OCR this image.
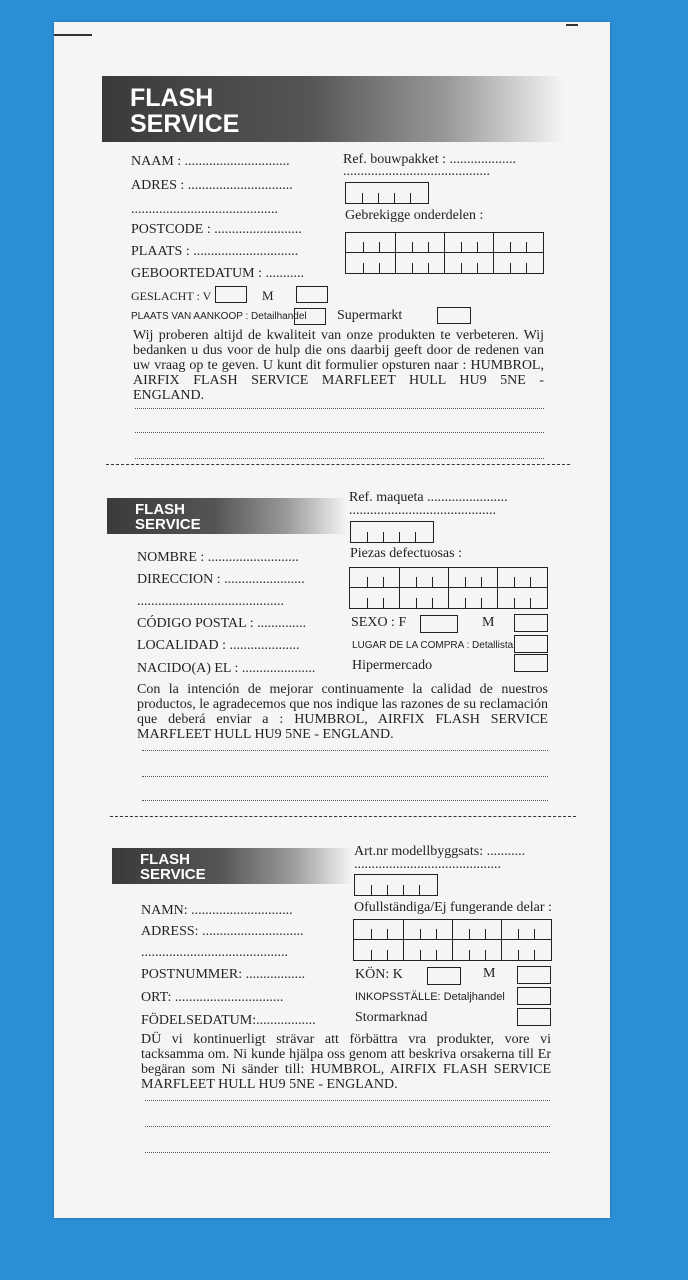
FLASH
SERVICE
NAAM : ..............................
ADRES : ..............................
..........................................
POSTCODE : .........................
PLAATS : ..............................
GEBOORTEDATUM : ...........
GESLACHT : V	M
PLAATS VAN AANKOOP : Detailhandel Supermarkt
Ref. bouwpakket : ...................
..........................................
Gebrekigge onderdelen :
Wij proberen altijd de kwaliteit van onze produkten te verbeteren. Wij bedanken u dus voor de hulp die ons daarbij geeft door de redenen van uw vraag op te geven. U kunt dit formulier opsturen naar : HUMBROL, AIRFIX FLASH SERVICE MARFLEET HULL HU9 5NE - ENGLAND.
FLASH
SERVICE
Ref. maqueta .......................
..........................................
Piezas defectuosas :
NOMBRE : ..........................
DIRECCION : .......................
..........................................
CÓDIGO POSTAL : ..............
LOCALIDAD : ....................
NACIDO(A) EL : .....................
SEXO : F	M
LUGAR DE LA COMPRA : Detallista
Hipermercado
Con la intención de mejorar continuamente la calidad de nuestros productos, le agradecemos que nos indique las razones de su reclamación que deberá enviar a : HUMBROL, AIRFIX FLASH SERVICE MARFLEET HULL HU9 5NE - ENGLAND.
FLASH
SERVICE
Art.nr modellbyggsats: ...........
..........................................
Ofullständiga/Ej fungerande delar :
NAMN: .............................
ADRESS: .............................
..........................................
POSTNUMMER: .................
ORT: ...............................
FÖDELSEDATUM:.................
KÖN: K	M
INKOPSSTÄLLE: Detaljhandel
Stormarknad
DÜ vi kontinuerligt strävar att förbättra vra produkter, vore vi tacksamma om. Ni kunde hjälpa oss genom att beskriva orsakerna till Er begäran som Ni sänder till: HUMBROL, AIRFIX FLASH SERVICE MARFLEET HULL HU9 5NE - ENGLAND.
